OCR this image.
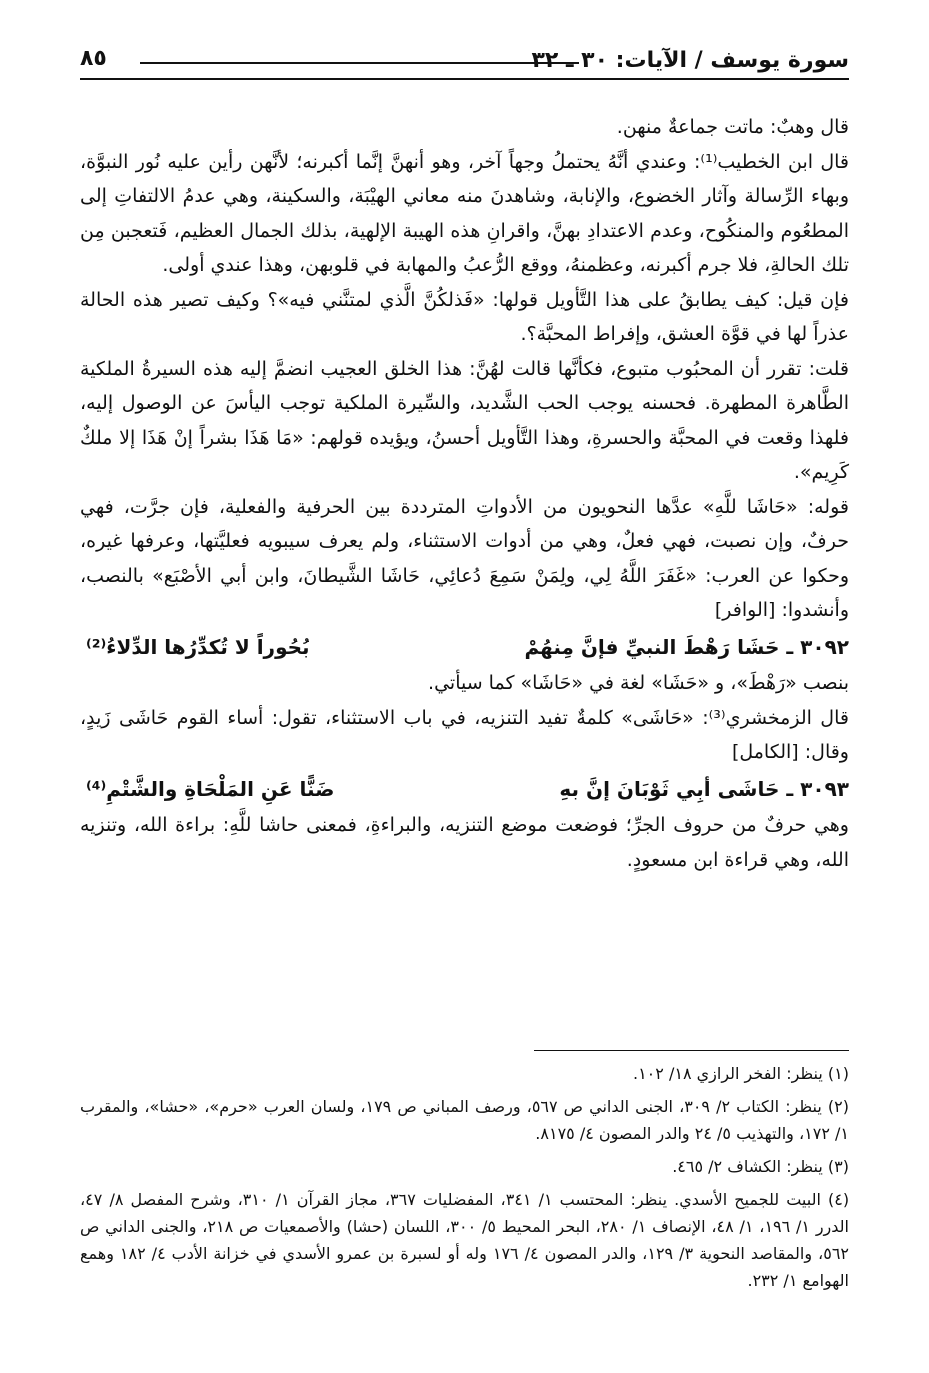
سورة يوسف / الآيات: ٣٠ ـ ٣٢
٨٥

قال وهبٌ: ماتت جماعةٌ منهن.

قال ابن الخطيب⁽¹⁾: وعندي أنَّهُ يحتملُ وجهاً آخر، وهو أنهنَّ إنَّما أكبرنه؛ لأنَّهن رأين عليه نُور النبوَّة، وبهاء الرِّسالة وآثار الخضوع، والإنابة، وشاهدنَ منه معاني الهيْبَة، والسكينة، وهي عدمُ الالتفاتِ إلى المطعُوم والمنكُوح، وعدم الاعتدادِ بهنَّ، واقرانِ هذه الهيبة الإلهية، بذلك الجمال العظيم، فَتعجبن مِن تلك الحالةِ، فلا جرم أكبرنه، وعظمنهُ، ووقع الرُّعبُ والمهابة في قلوبهن، وهذا عندي أولى.

فإن قيل: كيف يطابقُ على هذا التَّأويل قولها: «فَذلكُنَّ الَّذي لمتنَّني فيه»؟ وكيف تصير هذه الحالة عذراً لها في قوَّة العشق، وإفراط المحبَّة؟.

قلت: تقرر أن المحبُوب متبوع، فكأنَّها قالت لهُنَّ: هذا الخلق العجيب انضمَّ إليه هذه السيرةُ الملكية الطَّاهرة المطهرة. فحسنه يوجب الحب الشَّديد، والسِّيرة الملكية توجب اليأسَ عن الوصول إليه، فلهذا وقعت في المحبَّة والحسرةِ، وهذا التَّأويل أحسنُ، ويؤيده قولهم: «مَا هَذَا بشراً إنْ هَذَا إلا ملكٌ كَرِيم».

قوله: «حَاشَا للَّهِ» عدَّها النحويون من الأدواتِ المترددة بين الحرفية والفعلية، فإن جرَّت، فهي حرفٌ، وإن نصبت، فهي فعلٌ، وهي من أدوات الاستثناء، ولم يعرف سيبويه فعليَّتها، وعرفها غيره، وحكوا عن العرب: «غَفَرَ اللَّهُ لِي، ولِمَنْ سَمِعَ دُعائِي، حَاشَا الشَّيطانَ، وابن أبي الأصْبَع» بالنصب، وأنشدوا: [الوافر]

٣٠٩٢ ـ حَشَا رَهْطَ النبيِّ فإنَّ مِنهُمْ
بُحُوراً لا تُكدِّرُها الدِّلاءُ⁽²⁾

بنصب «رَهْطَ»، و «حَشَا» لغة في «حَاشَا» كما سيأتي.

قال الزمخشري⁽³⁾: «حَاشَى» كلمةٌ تفيد التنزيه، في باب الاستثناء، تقول: أساء القوم حَاشَى زَيدٍ، وقال: [الكامل]

٣٠٩٣ ـ حَاشَى أبِي ثَوْبَانَ إنَّ بهِ
ضَنًّا عَنِ المَلْحَاةِ والشَّتْمِ⁽⁴⁾

وهي حرفٌ من حروف الجرِّ؛ فوضعت موضع التنزيه، والبراءةِ، فمعنى حاشا للَّهِ: براءة الله، وتنزيه الله، وهي قراءة ابن مسعودٍ.

(١) ينظر: الفخر الرازي ١٨/ ١٠٢.

(٢) ينظر: الكتاب ٢/ ٣٠٩، الجنى الداني ص ٥٦٧، ورصف المباني ص ١٧٩، ولسان العرب «حرم»، «حشا»، والمقرب ١/ ١٧٢، والتهذيب ٥/ ٢٤ والدر المصون ٤/ ٨١٧٥.

(٣) ينظر: الكشاف ٢/ ٤٦٥.

(٤) البيت للجميح الأسدي. ينظر: المحتسب ١/ ٣٤١، المفضليات ٣٦٧، مجاز القرآن ١/ ٣١٠، وشرح المفصل ٨/ ٤٧، الدرر ١/ ١٩٦، ١/ ٤٨، الإنصاف ١/ ٢٨٠، البحر المحيط ٥/ ٣٠٠، اللسان (حشا) والأصمعيات ص ٢١٨، والجنى الداني ص ٥٦٢، والمقاصد النحوية ٣/ ١٢٩، والدر المصون ٤/ ١٧٦ وله أو لسبرة بن عمرو الأسدي في خزانة الأدب ٤/ ١٨٢ وهمع الهوامع ١/ ٢٣٢.
